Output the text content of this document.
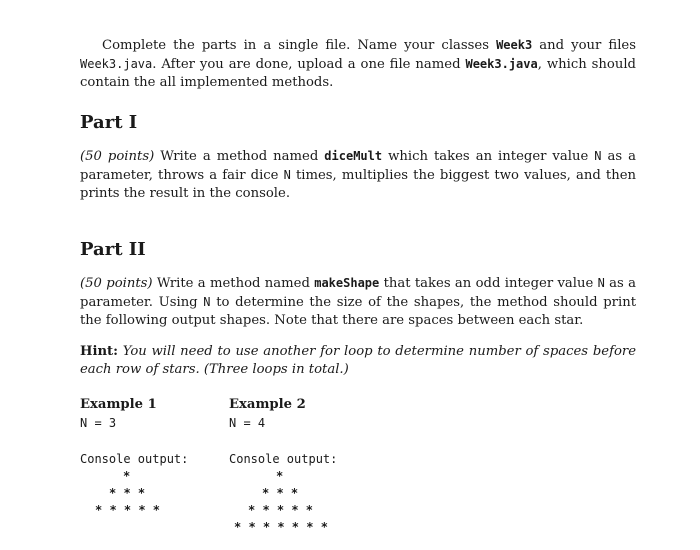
Complete the parts in a single file. Name your classes Week3 and your files Week3.java. After you are done, upload a one file named Week3.java, which should contain the all implemented methods.
Part I
(50 points) Write a method named diceMult which takes an integer value N as a parameter, throws a fair dice N times, multiplies the biggest two values, and then prints the result in the console.
Part II
(50 points) Write a method named makeShape that takes an odd integer value N as a parameter. Using N to determine the size of the shapes, the method should print the following output shapes. Note that there are spaces between each star.
Hint: You will need to use another for loop to determine number of spaces before each row of stars. (Three loops in total.)
Example 1
N = 3
Console output:
*
* * *
* * * * *
Example 2
N = 4
Console output:
*
* * *
* * * * *
* * * * * * *
